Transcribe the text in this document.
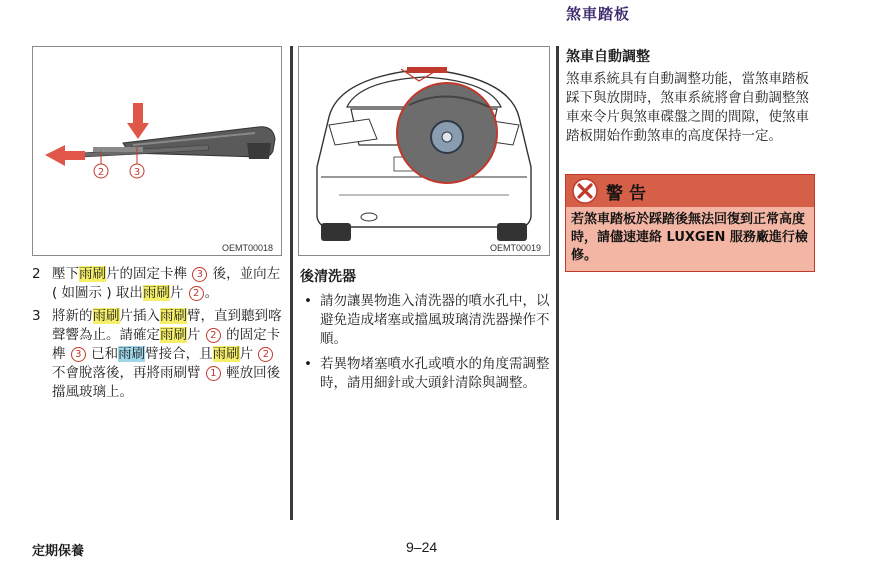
煞車踏板
2	3
OEMT00018	OEMT00019
2 壓下雨刷片的固定卡榫 3 後，並向左 ( 如圖示 ) 取出雨刷片 2 。
3 將新的雨刷片插入雨刷臂，直到聽到喀聲響為止。請確定雨刷片 2 的固定卡榫 3 已和雨刷臂接合，且雨刷片 2 不會脫落後，再將雨刷臂 1 輕放回後擋風玻璃上。
後清洗器
• 請勿讓異物進入清洗器的噴水孔中，以避免造成堵塞或擋風玻璃清洗器操作不順。
• 若異物堵塞噴水孔或噴水的角度需調整時，請用細針或大頭針清除與調整。
煞車自動調整
煞車系統具有自動調整功能，當煞車踏板踩下與放開時，煞車系統將會自動調整煞車來令片與煞車碟盤之間的間隙，使煞車踏板開始作動煞車的高度保持一定。
警告
若煞車踏板於踩踏後無法回復到正常高度時，請儘速連絡 LUXGEN 服務廠進行檢修。
定期保養	9–24
